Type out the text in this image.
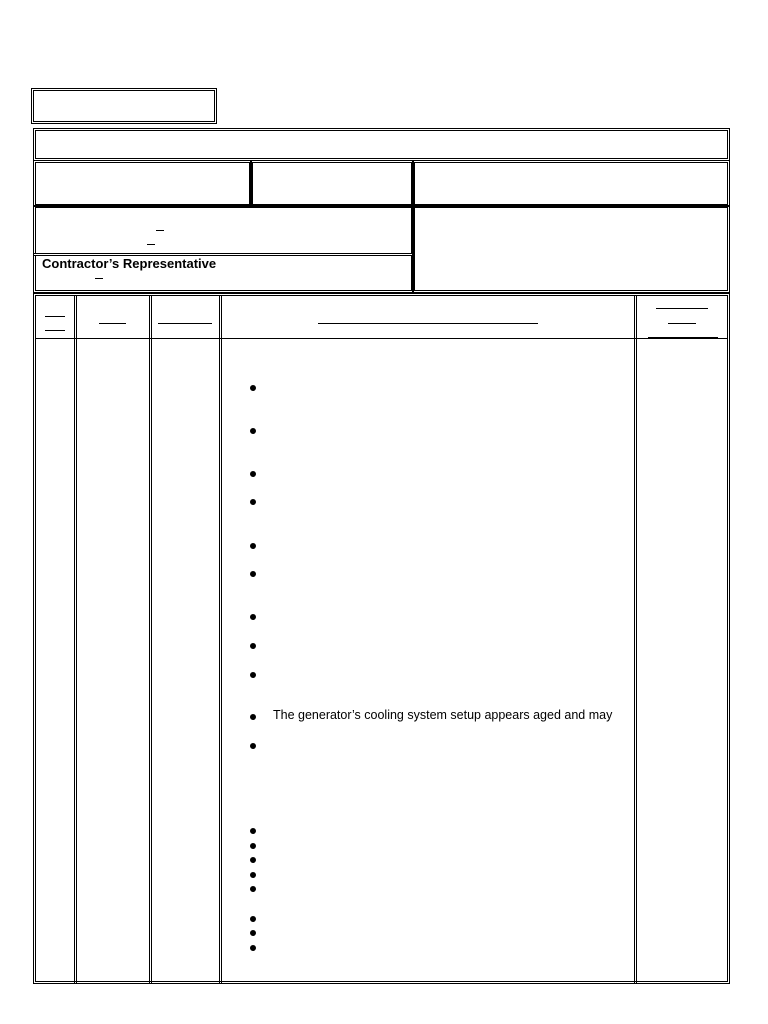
Contractor’s Representative
The generator’s cooling system setup appears aged and may
